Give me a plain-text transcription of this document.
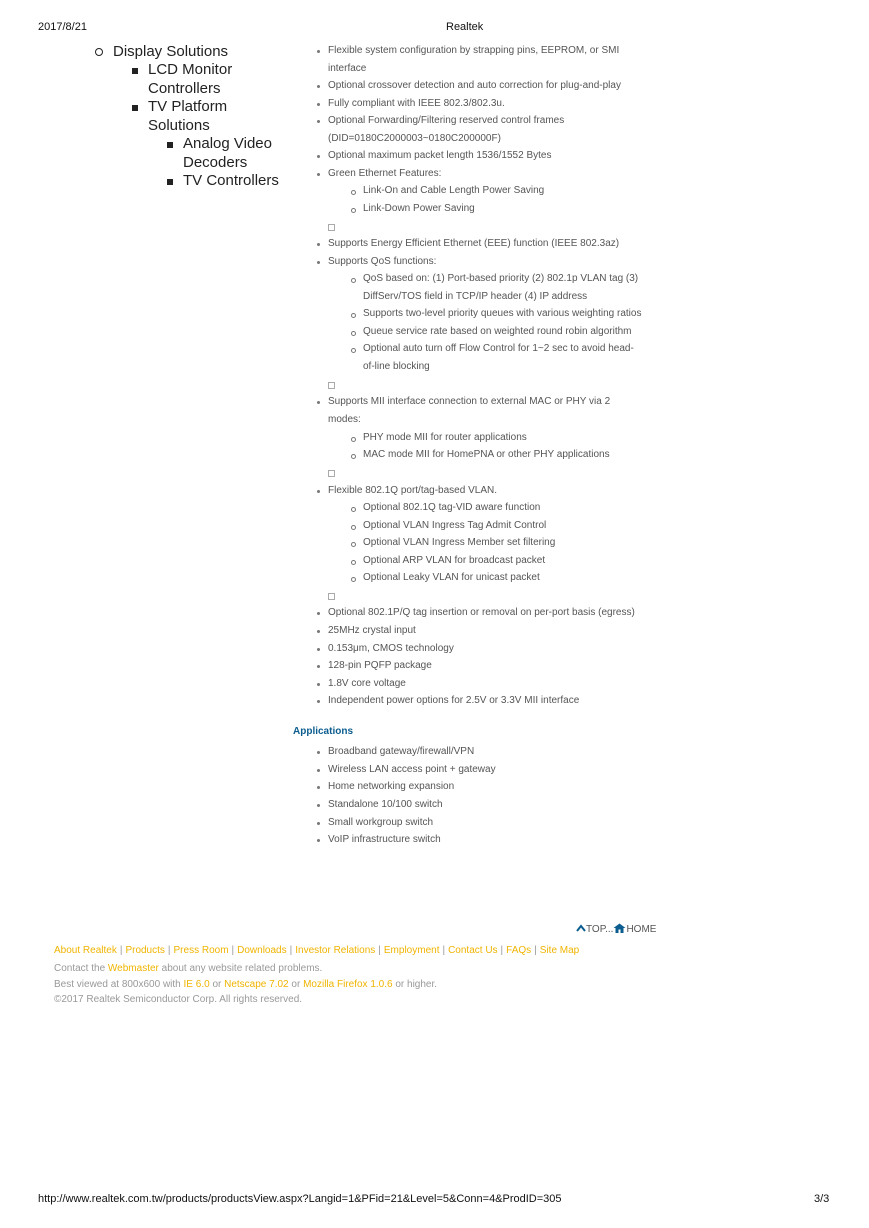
2017/8/21	Realtek
http://www.realtek.com.tw/products/productsView.aspx?Langid=1&PFid=21&Level=5&Conn=4&ProdID=305	3/3
Display Solutions
LCD Monitor
Controllers
TV Platform
Solutions
Analog Video
Decoders
TV Controllers
Flexible system configuration by strapping pins, EEPROM, or SMI
interface
Optional crossover detection and auto correction for plug-and-play
Fully compliant with IEEE 802.3/802.3u.
Optional Forwarding/Filtering reserved control frames
(DID=0180C2000003~0180C200000F)
Optional maximum packet length 1536/1552 Bytes
Green Ethernet Features:
Link-On and Cable Length Power Saving
Link-Down Power Saving
Supports Energy Efficient Ethernet (EEE) function (IEEE 802.3az)
Supports QoS functions:
QoS based on: (1) Port-based priority (2) 802.1p VLAN tag (3)
DiffServ/TOS field in TCP/IP header (4) IP address
Supports two-level priority queues with various weighting ratios
Queue service rate based on weighted round robin algorithm
Optional auto turn off Flow Control for 1~2 sec to avoid head-
of-line blocking
Supports MII interface connection to external MAC or PHY via 2
modes:
PHY mode MII for router applications
MAC mode MII for HomePNA or other PHY applications
Flexible 802.1Q port/tag-based VLAN.
Optional 802.1Q tag-VID aware function
Optional VLAN Ingress Tag Admit Control
Optional VLAN Ingress Member set filtering
Optional ARP VLAN for broadcast packet
Optional Leaky VLAN for unicast packet
Optional 802.1P/Q tag insertion or removal on per-port basis (egress)
25MHz crystal input
0.153μm, CMOS technology
128-pin PQFP package
1.8V core voltage
Independent power options for 2.5V or 3.3V MII interface
Applications
Broadband gateway/firewall/VPN
Wireless LAN access point + gateway
Home networking expansion
Standalone 10/100 switch
Small workgroup switch
VoIP infrastructure switch
TOP... HOME
About Realtek | Products | Press Room | Downloads | Investor Relations | Employment | Contact Us | FAQs | Site Map
Contact the Webmaster about any website related problems.
Best viewed at 800x600 with IE 6.0 or Netscape 7.02 or Mozilla Firefox 1.0.6 or higher.
©2017 Realtek Semiconductor Corp. All rights reserved.
